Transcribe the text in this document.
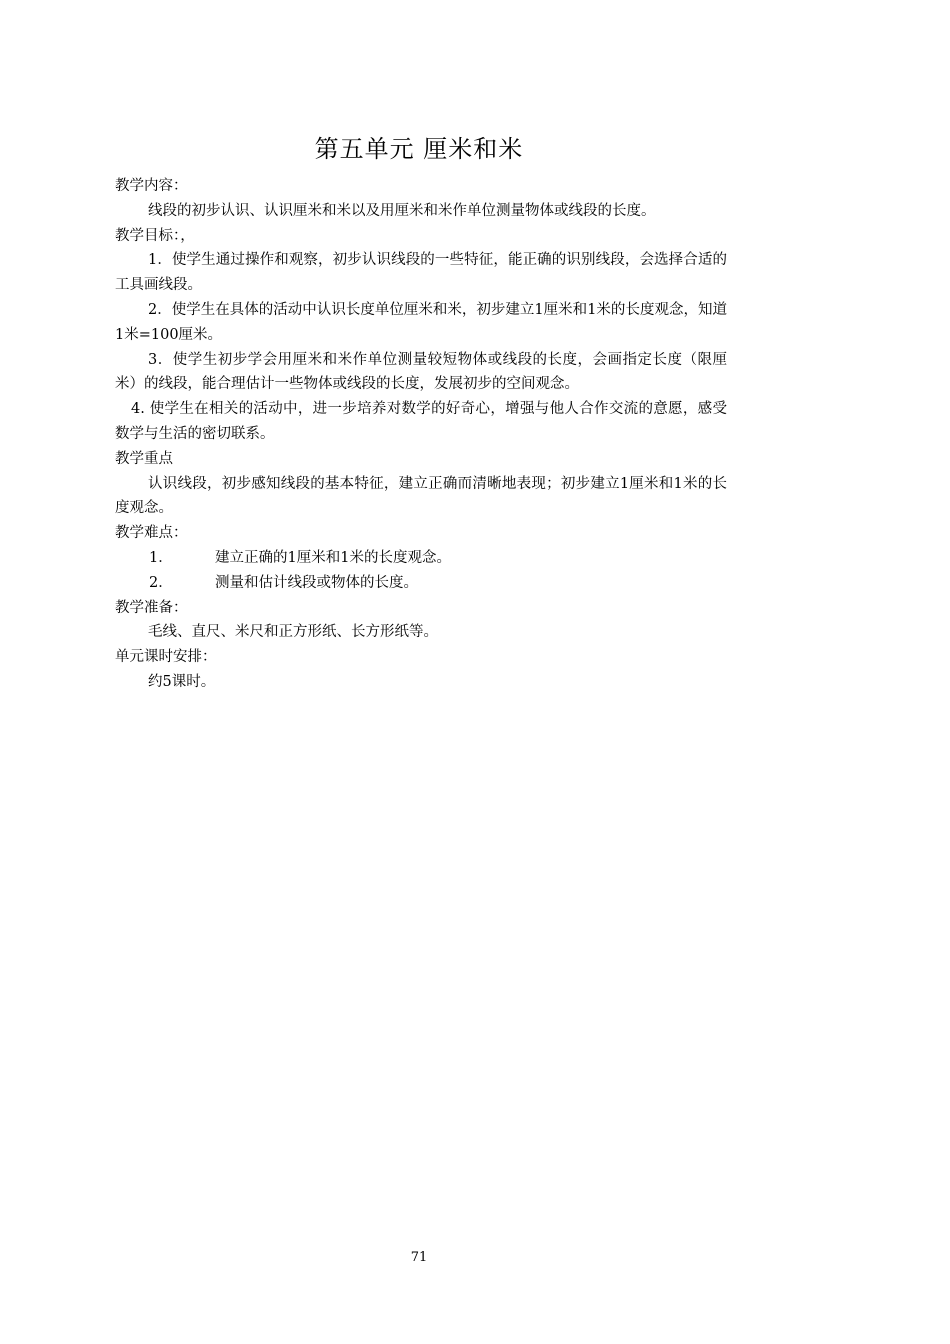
第五单元 厘米和米

教学内容：

线段的初步认识、认识厘米和米以及用厘米和米作单位测量物体或线段的长度。

教学目标：，

1．使学生通过操作和观察，初步认识线段的一些特征，能正确的识别线段，会选择合适的工具画线段。

2．使学生在具体的活动中认识长度单位厘米和米，初步建立1厘米和1米的长度观念，知道1米=100厘米。

3．使学生初步学会用厘米和米作单位测量较短物体或线段的长度，会画指定长度（限厘米）的线段，能合理估计一些物体或线段的长度，发展初步的空间观念。

4. 使学生在相关的活动中，进一步培养对数学的好奇心，增强与他人合作交流的意愿，感受数学与生活的密切联系。

教学重点

认识线段，初步感知线段的基本特征，建立正确而清晰地表现；初步建立1厘米和1米的长度观念。

教学难点：

1．	建立正确的1厘米和1米的长度观念。

2．	测量和估计线段或物体的长度。

教学准备：

毛线、直尺、米尺和正方形纸、长方形纸等。

单元课时安排：

约5课时。

71
